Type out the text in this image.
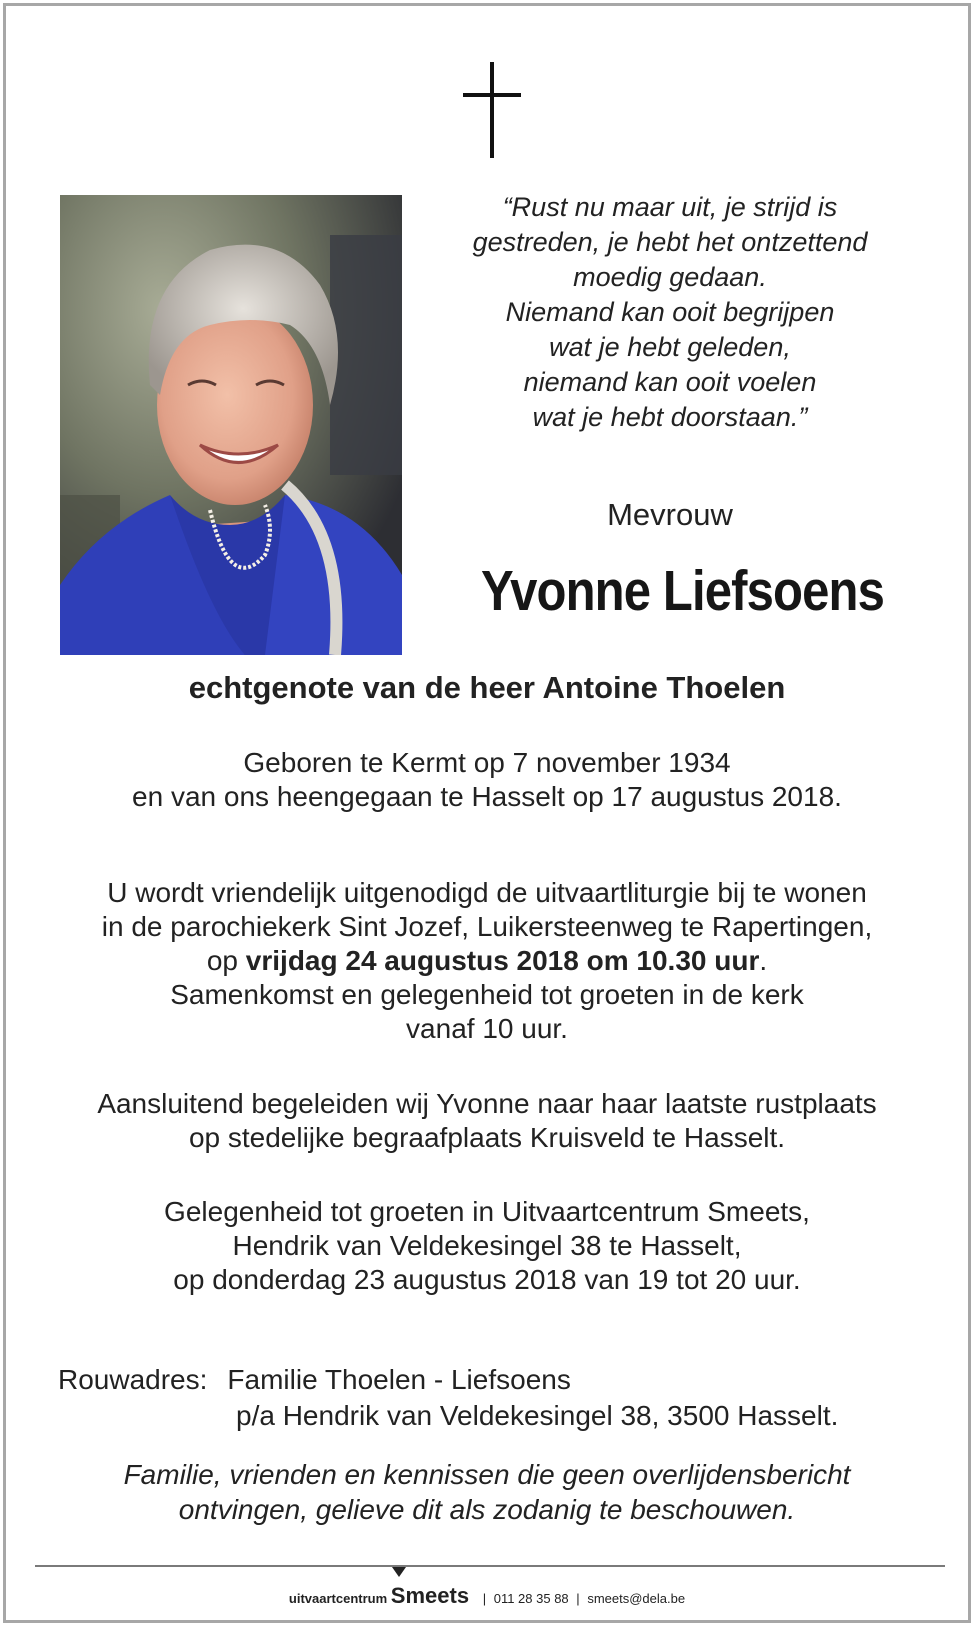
“Rust nu maar uit, je strijd is
gestreden, je hebt het ontzettend
moedig gedaan.
Niemand kan ooit begrijpen
wat je hebt geleden,
niemand kan ooit voelen
wat je hebt doorstaan.”
Mevrouw
Yvonne Liefsoens
echtgenote van de heer Antoine Thoelen
Geboren te Kermt op 7 november 1934
en van ons heengegaan te Hasselt op 17 augustus 2018.
U wordt vriendelijk uitgenodigd de uitvaartliturgie bij te wonen
in de parochiekerk Sint Jozef, Luikersteenweg te Rapertingen,
op vrijdag 24 augustus 2018 om 10.30 uur.
Samenkomst en gelegenheid tot groeten in de kerk
vanaf 10 uur.
Aansluitend begeleiden wij Yvonne naar haar laatste rustplaats
op stedelijke begraafplaats Kruisveld te Hasselt.
Gelegenheid tot groeten in Uitvaartcentrum Smeets,
Hendrik van Veldekesingel 38 te Hasselt,
op donderdag 23 augustus 2018 van 19 tot 20 uur.
Rouwadres: Familie Thoelen - Liefsoens
p/a Hendrik van Veldekesingel 38, 3500 Hasselt.
Familie, vrienden en kennissen die geen overlijdensbericht
ontvingen, gelieve dit als zodanig te beschouwen.
uitvaartcentrum Smeets | 011 28 35 88 | smeets@dela.be
